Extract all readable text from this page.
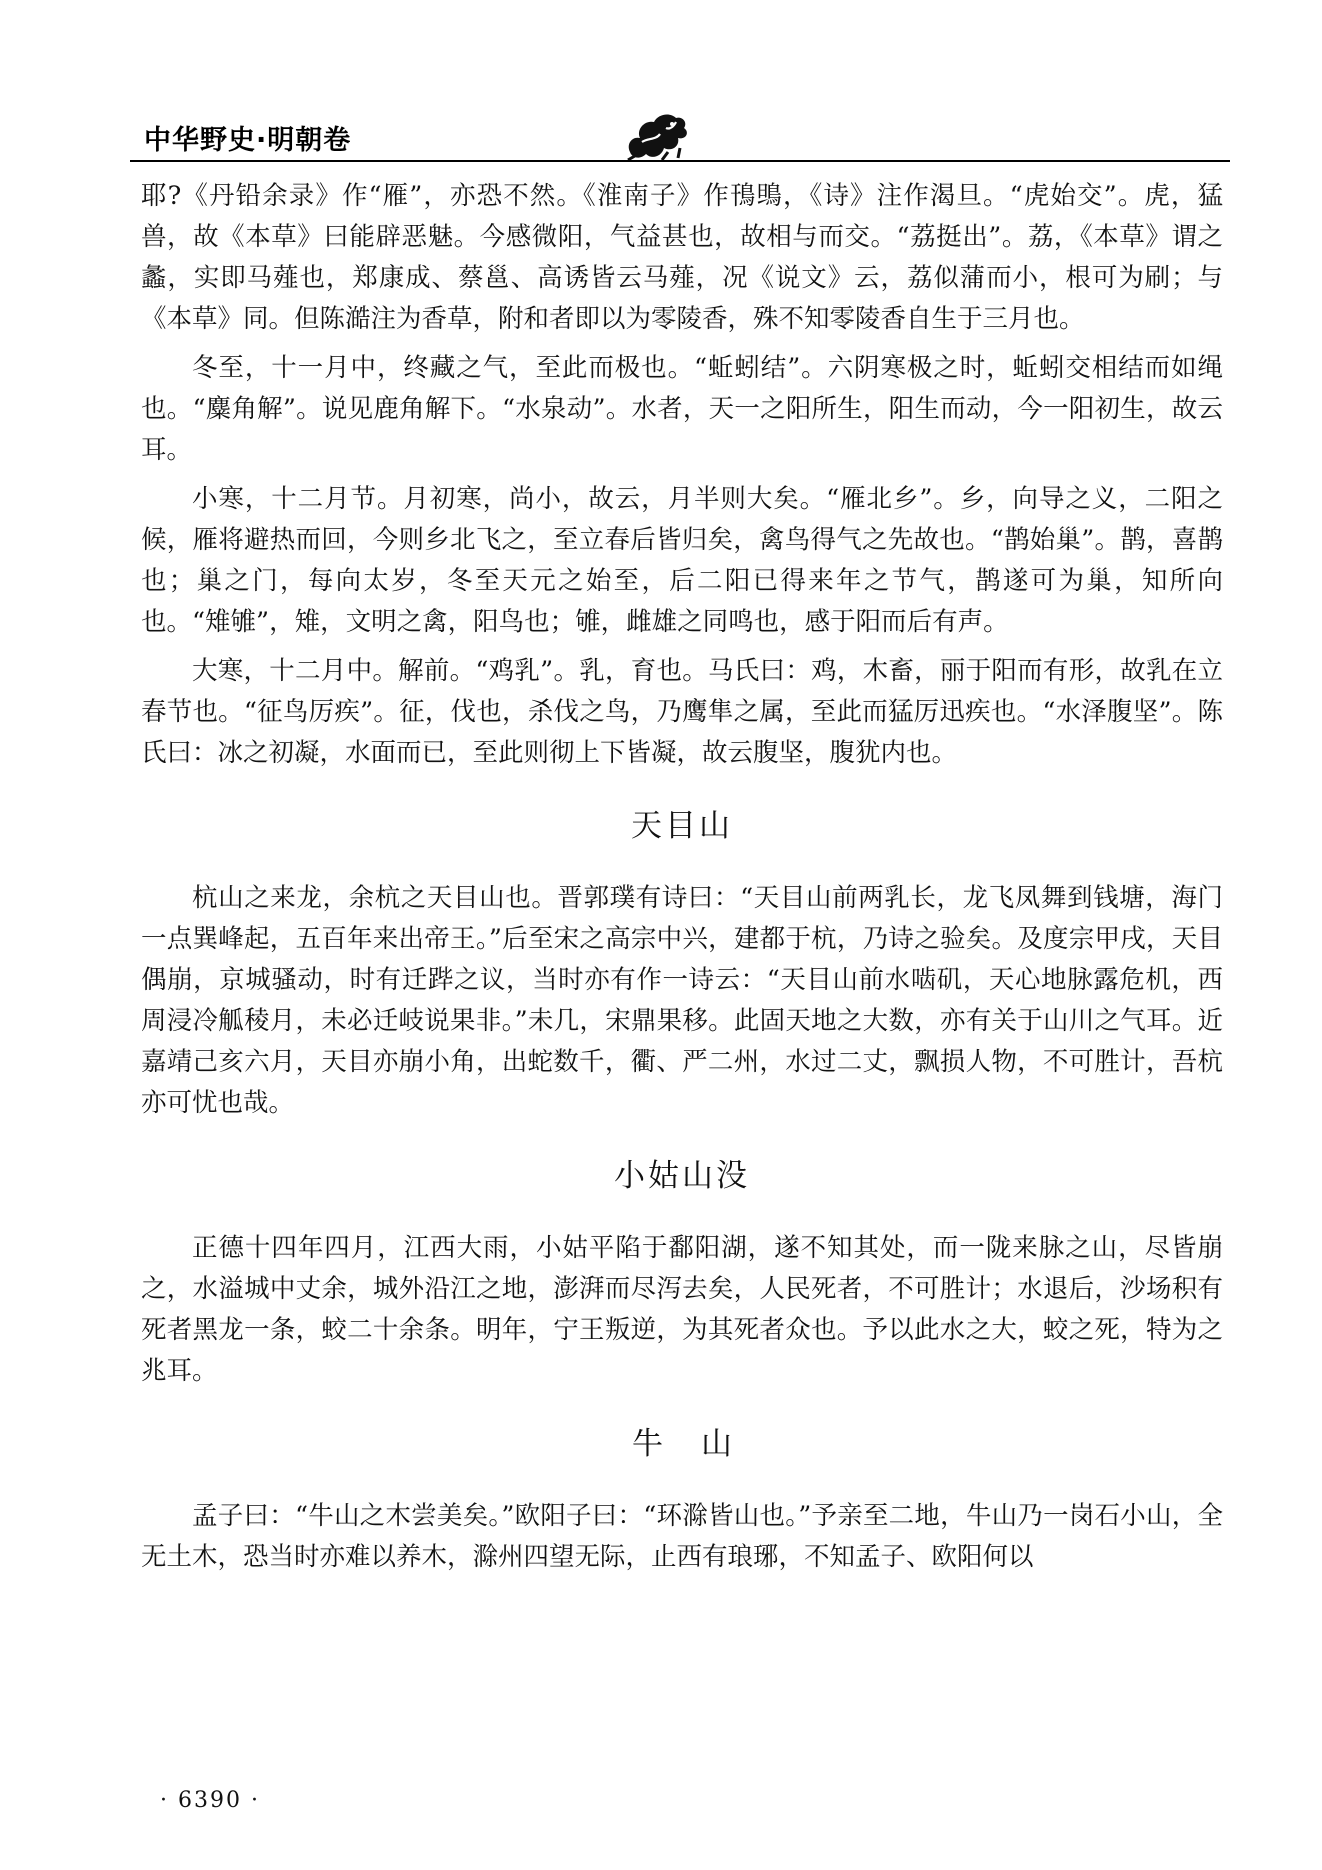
中华野史·明朝卷

耶?《丹铅余录》作“雁”，亦恐不然。《淮南子》作鳱鴠，《诗》注作渴旦。“虎始交”。虎，猛兽，故《本草》曰能辟恶魅。今感微阳，气益甚也，故相与而交。“荔挺出”。荔，《本草》谓之蠡，实即马薤也，郑康成、蔡邕、高诱皆云马薤，况《说文》云，荔似蒲而小，根可为刷；与《本草》同。但陈澔注为香草，附和者即以为零陵香，殊不知零陵香自生于三月也。

冬至，十一月中，终藏之气，至此而极也。“蚯蚓结”。六阴寒极之时，蚯蚓交相结而如绳也。“麋角解”。说见鹿角解下。“水泉动”。水者，天一之阳所生，阳生而动，今一阳初生，故云耳。

小寒，十二月节。月初寒，尚小，故云，月半则大矣。“雁北乡”。乡，向导之义，二阳之候，雁将避热而回，今则乡北飞之，至立春后皆归矣，禽鸟得气之先故也。“鹊始巢”。鹊，喜鹊也；巢之门，每向太岁，冬至天元之始至，后二阳已得来年之节气，鹊遂可为巢，知所向也。“雉雊”，雉，文明之禽，阳鸟也；雊，雌雄之同鸣也，感于阳而后有声。

大寒，十二月中。解前。“鸡乳”。乳，育也。马氏曰：鸡，木畜，丽于阳而有形，故乳在立春节也。“征鸟厉疾”。征，伐也，杀伐之鸟，乃鹰隼之属，至此而猛厉迅疾也。“水泽腹坚”。陈氏曰：冰之初凝，水面而已，至此则彻上下皆凝，故云腹坚，腹犹内也。

天目山

杭山之来龙，余杭之天目山也。晋郭璞有诗曰：“天目山前两乳长，龙飞凤舞到钱塘，海门一点巽峰起，五百年来出帝王。”后至宋之高宗中兴，建都于杭，乃诗之验矣。及度宗甲戌，天目偶崩，京城骚动，时有迁跸之议，当时亦有作一诗云：“天目山前水啮矶，天心地脉露危机，西周浸冷觚稜月，未必迁岐说果非。”未几，宋鼎果移。此固天地之大数，亦有关于山川之气耳。近嘉靖己亥六月，天目亦崩小角，出蛇数千，衢、严二州，水过二丈，飘损人物，不可胜计，吾杭亦可忧也哉。

小姑山没

正德十四年四月，江西大雨，小姑平陷于鄱阳湖，遂不知其处，而一陇来脉之山，尽皆崩之，水溢城中丈余，城外沿江之地，澎湃而尽泻去矣，人民死者，不可胜计；水退后，沙场积有死者黑龙一条，蛟二十余条。明年，宁王叛逆，为其死者众也。予以此水之大，蛟之死，特为之兆耳。

牛山

孟子曰：“牛山之木尝美矣。”欧阳子曰：“环滁皆山也。”予亲至二地，牛山乃一岗石小山，全无土木，恐当时亦难以养木，滁州四望无际，止西有琅琊，不知孟子、欧阳何以

· 6390 ·
